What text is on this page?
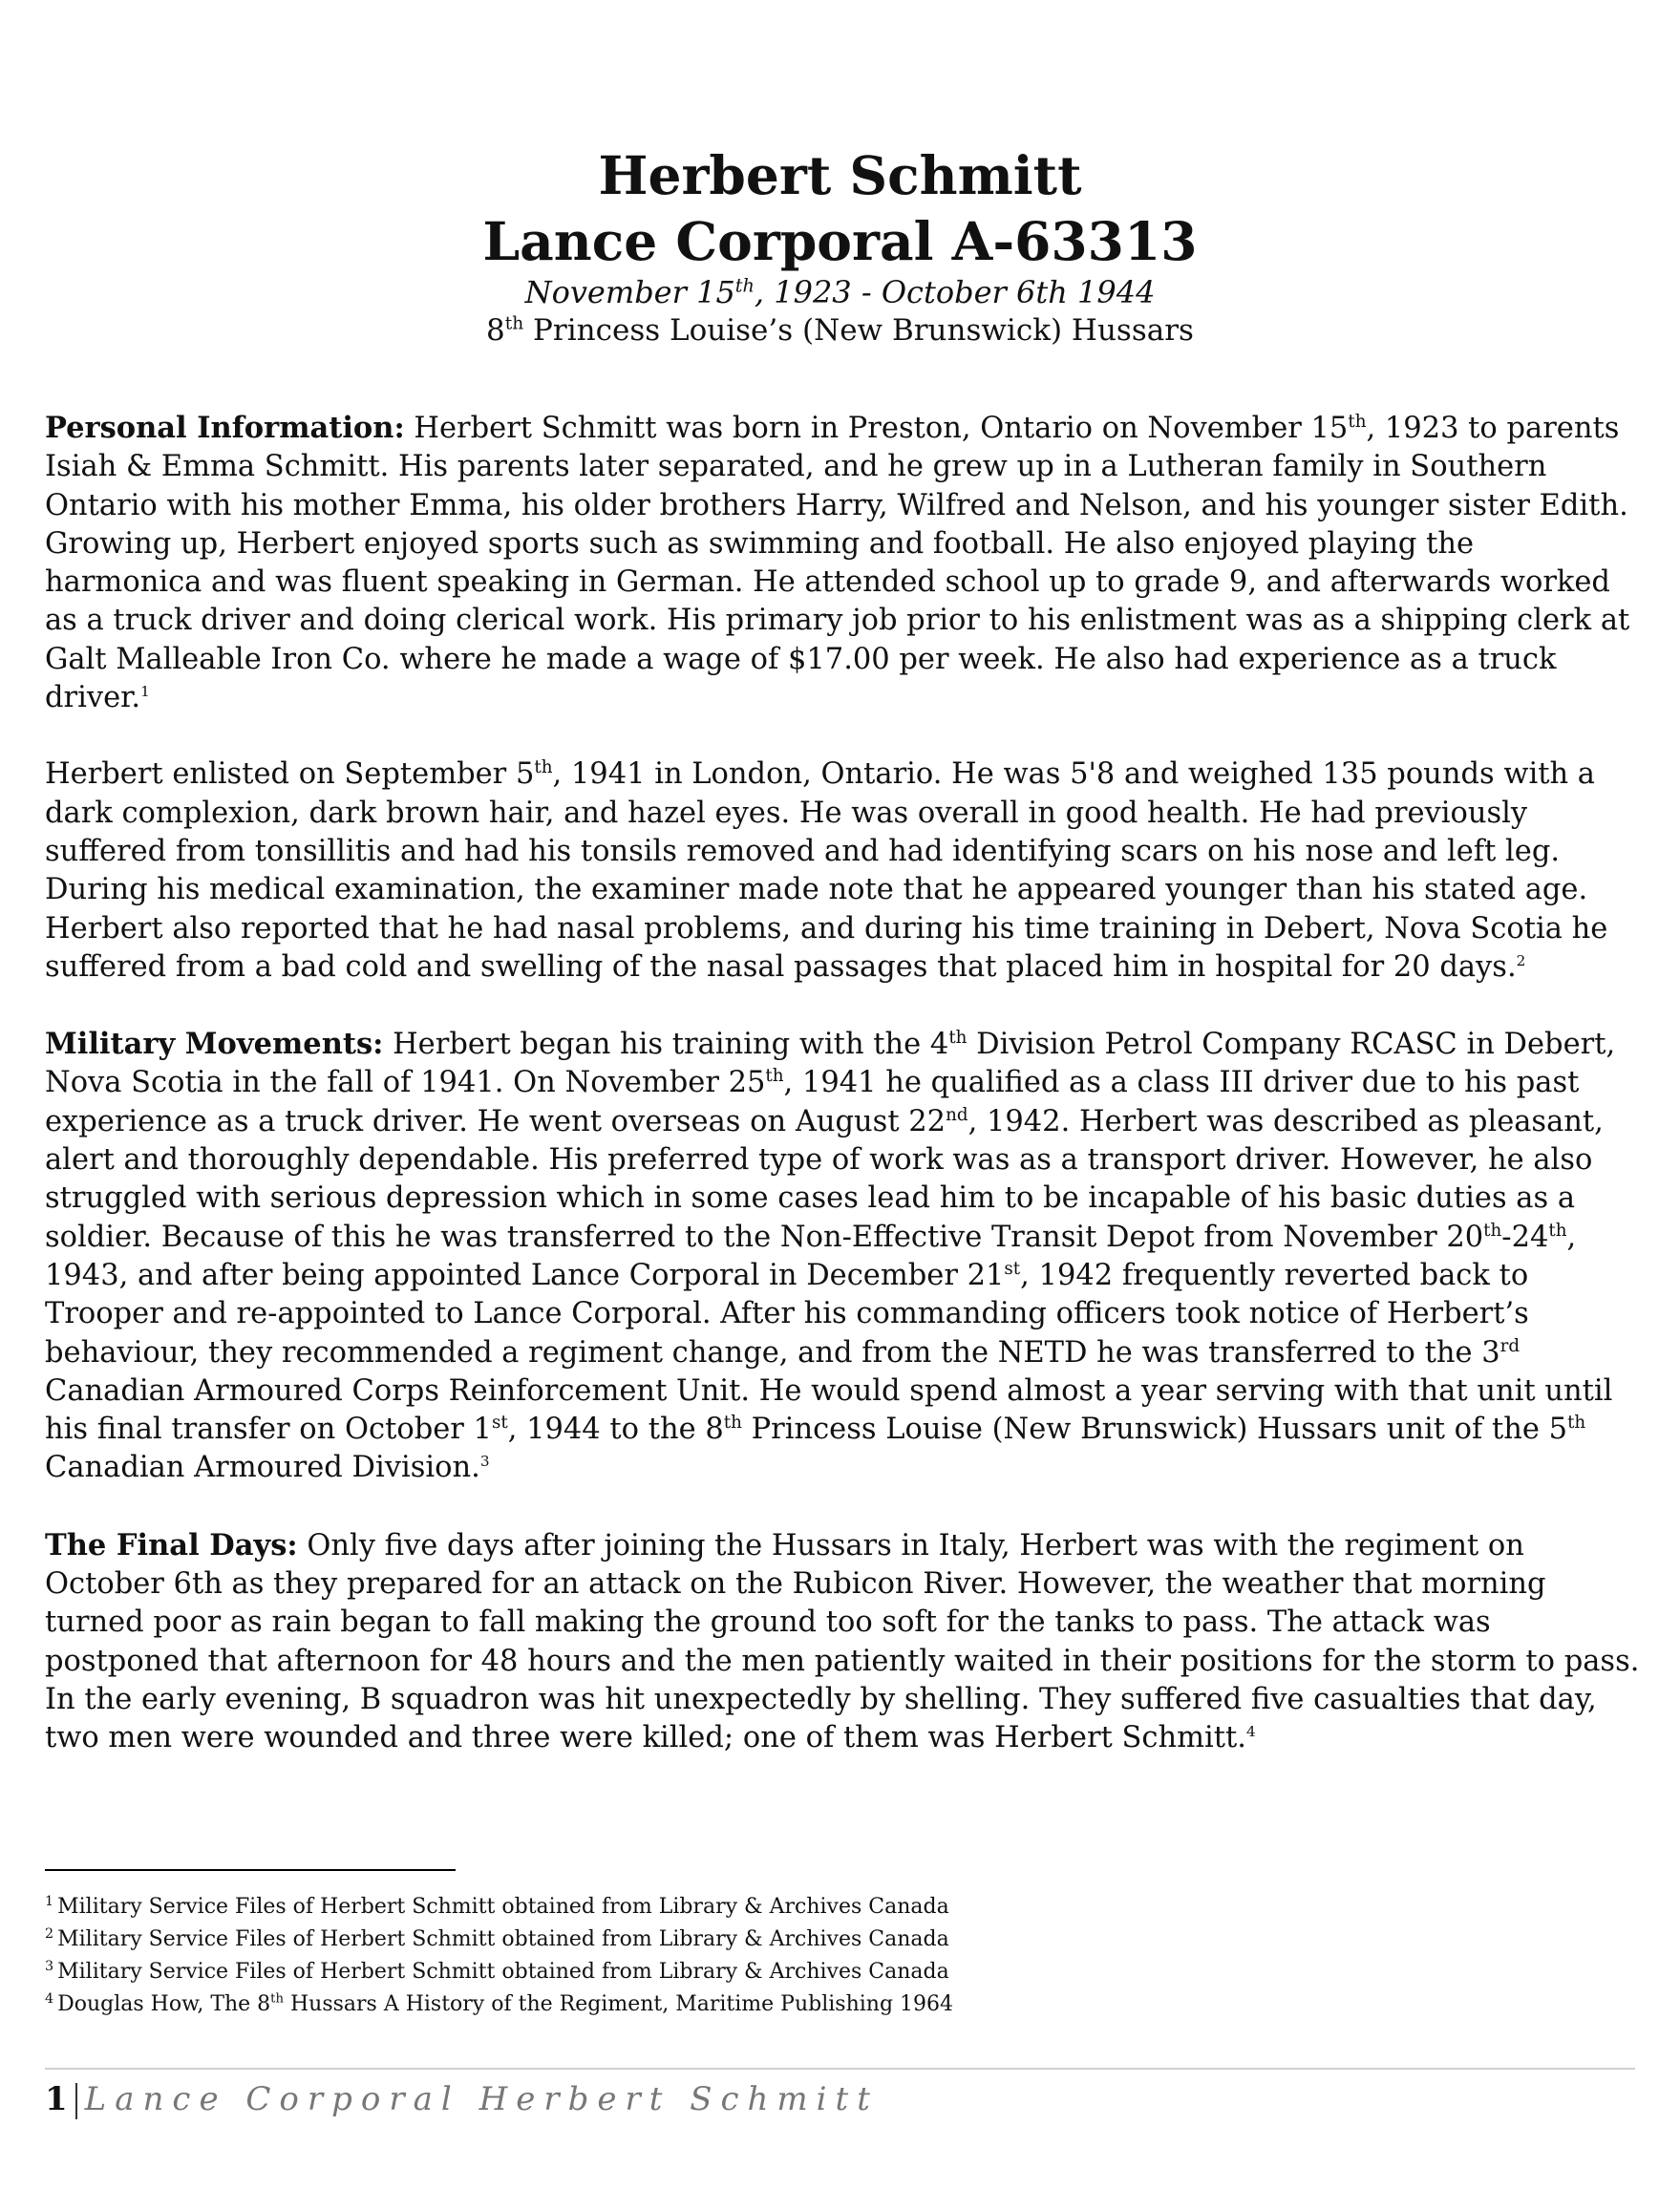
Herbert Schmitt

Lance Corporal A-63313

November 15th, 1923 - October 6th 1944

8th Princess Louise’s (New Brunswick) Hussars

Personal Information: Herbert Schmitt was born in Preston, Ontario on November 15th, 1923 to parents Isiah & Emma Schmitt. His parents later separated, and he grew up in a Lutheran family in Southern Ontario with his mother Emma, his older brothers Harry, Wilfred and Nelson, and his younger sister Edith. Growing up, Herbert enjoyed sports such as swimming and football. He also enjoyed playing the harmonica and was fluent speaking in German. He attended school up to grade 9, and afterwards worked as a truck driver and doing clerical work. His primary job prior to his enlistment was as a shipping clerk at Galt Malleable Iron Co. where he made a wage of $17.00 per week. He also had experience as a truck driver.$^1$

Herbert enlisted on September 5th, 1941 in London, Ontario. He was 5'8 and weighed 135 pounds with a dark complexion, dark brown hair, and hazel eyes. He was overall in good health. He had previously suffered from tonsillitis and had his tonsils removed and had identifying scars on his nose and left leg. During his medical examination, the examiner made note that he appeared younger than his stated age. Herbert also reported that he had nasal problems, and during his time training in Debert, Nova Scotia he suffered from a bad cold and swelling of the nasal passages that placed him in hospital for 20 days.$^2$

Military Movements: Herbert began his training with the 4th Division Petrol Company RCASC in Debert, Nova Scotia in the fall of 1941. On November 25th, 1941 he qualified as a class III driver due to his past experience as a truck driver. He went overseas on August 22nd, 1942. Herbert was described as pleasant, alert and thoroughly dependable. His preferred type of work was as a transport driver. However, he also struggled with serious depression which in some cases lead him to be incapable of his basic duties as a soldier. Because of this he was transferred to the Non-Effective Transit Depot from November 20th-24th, 1943, and after being appointed Lance Corporal in December 21st, 1942 frequently reverted back to Trooper and re-appointed to Lance Corporal. After his commanding officers took notice of Herbert’s behaviour, they recommended a regiment change, and from the NETD he was transferred to the 3rd Canadian Armoured Corps Reinforcement Unit. He would spend almost a year serving with that unit until his final transfer on October 1st, 1944 to the 8th Princess Louise (New Brunswick) Hussars unit of the 5th Canadian Armoured Division.$^3$

The Final Days: Only five days after joining the Hussars in Italy, Herbert was with the regiment on October 6th as they prepared for an attack on the Rubicon River. However, the weather that morning turned poor as rain began to fall making the ground too soft for the tanks to pass. The attack was postponed that afternoon for 48 hours and the men patiently waited in their positions for the storm to pass. In the early evening, B squadron was hit unexpectedly by shelling. They suffered five casualties that day, two men were wounded and three were killed; one of them was Herbert Schmitt.$^4$

$^1$ Military Service Files of Herbert Schmitt obtained from Library & Archives Canada

$^2$ Military Service Files of Herbert Schmitt obtained from Library & Archives Canada

$^3$ Military Service Files of Herbert Schmitt obtained from Library & Archives Canada

$^4$ Douglas How, The 8th Hussars A History of the Regiment, Maritime Publishing 1964

1 Lance Corporal Herbert Schmitt
